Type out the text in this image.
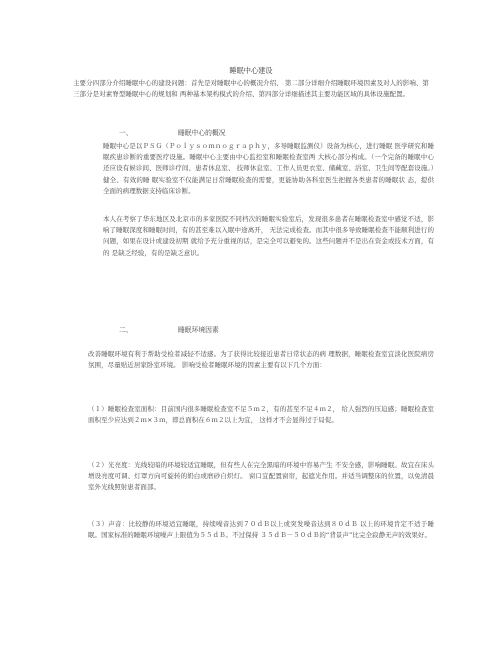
睡眠中心建设

主要分四部分介绍睡眠中心的建设问题：首先是对睡眠中心的概况介绍、 第二部分详细介绍睡眠环境因素及对人的影响、第三部分是对素脊型睡眠中心的规划和 两种基本架构模式的介绍、第四部分详细描述其主要功能区域的具体设施配置。

一、	睡眠中心的概况

睡眠中心是以ＰＳＧ（Ｐｏｌｙｓｏｍｎｏｇｒａｐｈｙ，多导睡眠监测仪）设备为核心，进行睡眠 医学研究和睡眠疾患诊断的重要医疗设施。睡眠中心主要由中心监控室和睡眠检查室两 大核心部分构成。（一个完备的睡眠中心还应设有候诊间、医师诊疗间、患者休息室、 技师休息室、工作人员更衣室、储藏室、浴室、卫生间等配套设施。）健全、有效的睡 眠实验室不仅能满足日常睡眠检查的需要，更能协助各科室医生把握各类患者的睡眠状 态，提供全面的病理数据支持临床诊断。

本人在考察了华东地区及北京市的多家医院不同档次的睡眠实验室后，发现很多患者在睡眠检查室中感觉不适，影响了睡眠深度和睡眠时间，有的甚至难以入眠中途离开， 无法完成检查。而其中很多导致睡眠检查不能顺利进行的问题，如果在设计或建设初期 就给予充分重视的话，是完全可以避免的。这些问题并不是出在资金或技术方面，有的 是缺乏经验，有的是缺乏意识。

二、	睡眠环境因素

改善睡眠环境有利于帮助受检者减轻不适感。为了获得比较接近患者日常状态的病 理数据，睡眠检查室宜淡化医院病房氛围，尽量贴近居家卧室环境。 影响受检者睡眠环境的因素主要有以下几个方面：

（１）睡眠检查室面积：目前国内很多睡眠检查室不足５ｍ２，有的甚至不足４ｍ２， 给人强烈的压迫感；睡眠检查室面积至少应达到２ｍ×３ｍ，即总面积在６ｍ２以上为宜， 这样才不会显得过于局促。

（２）光亮度：光线较暗的环境较适宜睡眠，但有些人在完全黑暗的环境中容易产生 不安全感，影响睡眠。故宜在床头增设亮度可调、灯罩方向可旋转的奶白或磨砂自炽灯。 窗口宜配置窗帘，起遮光作用。并适当调整床的位置，以免清晨室外光线照射患者面部。

（３）声音：比较静的环境适宜睡眠，持续噪音达到７０ｄＢ以上或突发噪音达到８０ｄＢ 以上的环境肯定不适于睡眠。国家标准的睡眠环境噪声上限值为５５ｄＢ。不过保持 ３５ｄＢ－５０ｄＢ的“背景声”比完全寂静无声的效果好。
